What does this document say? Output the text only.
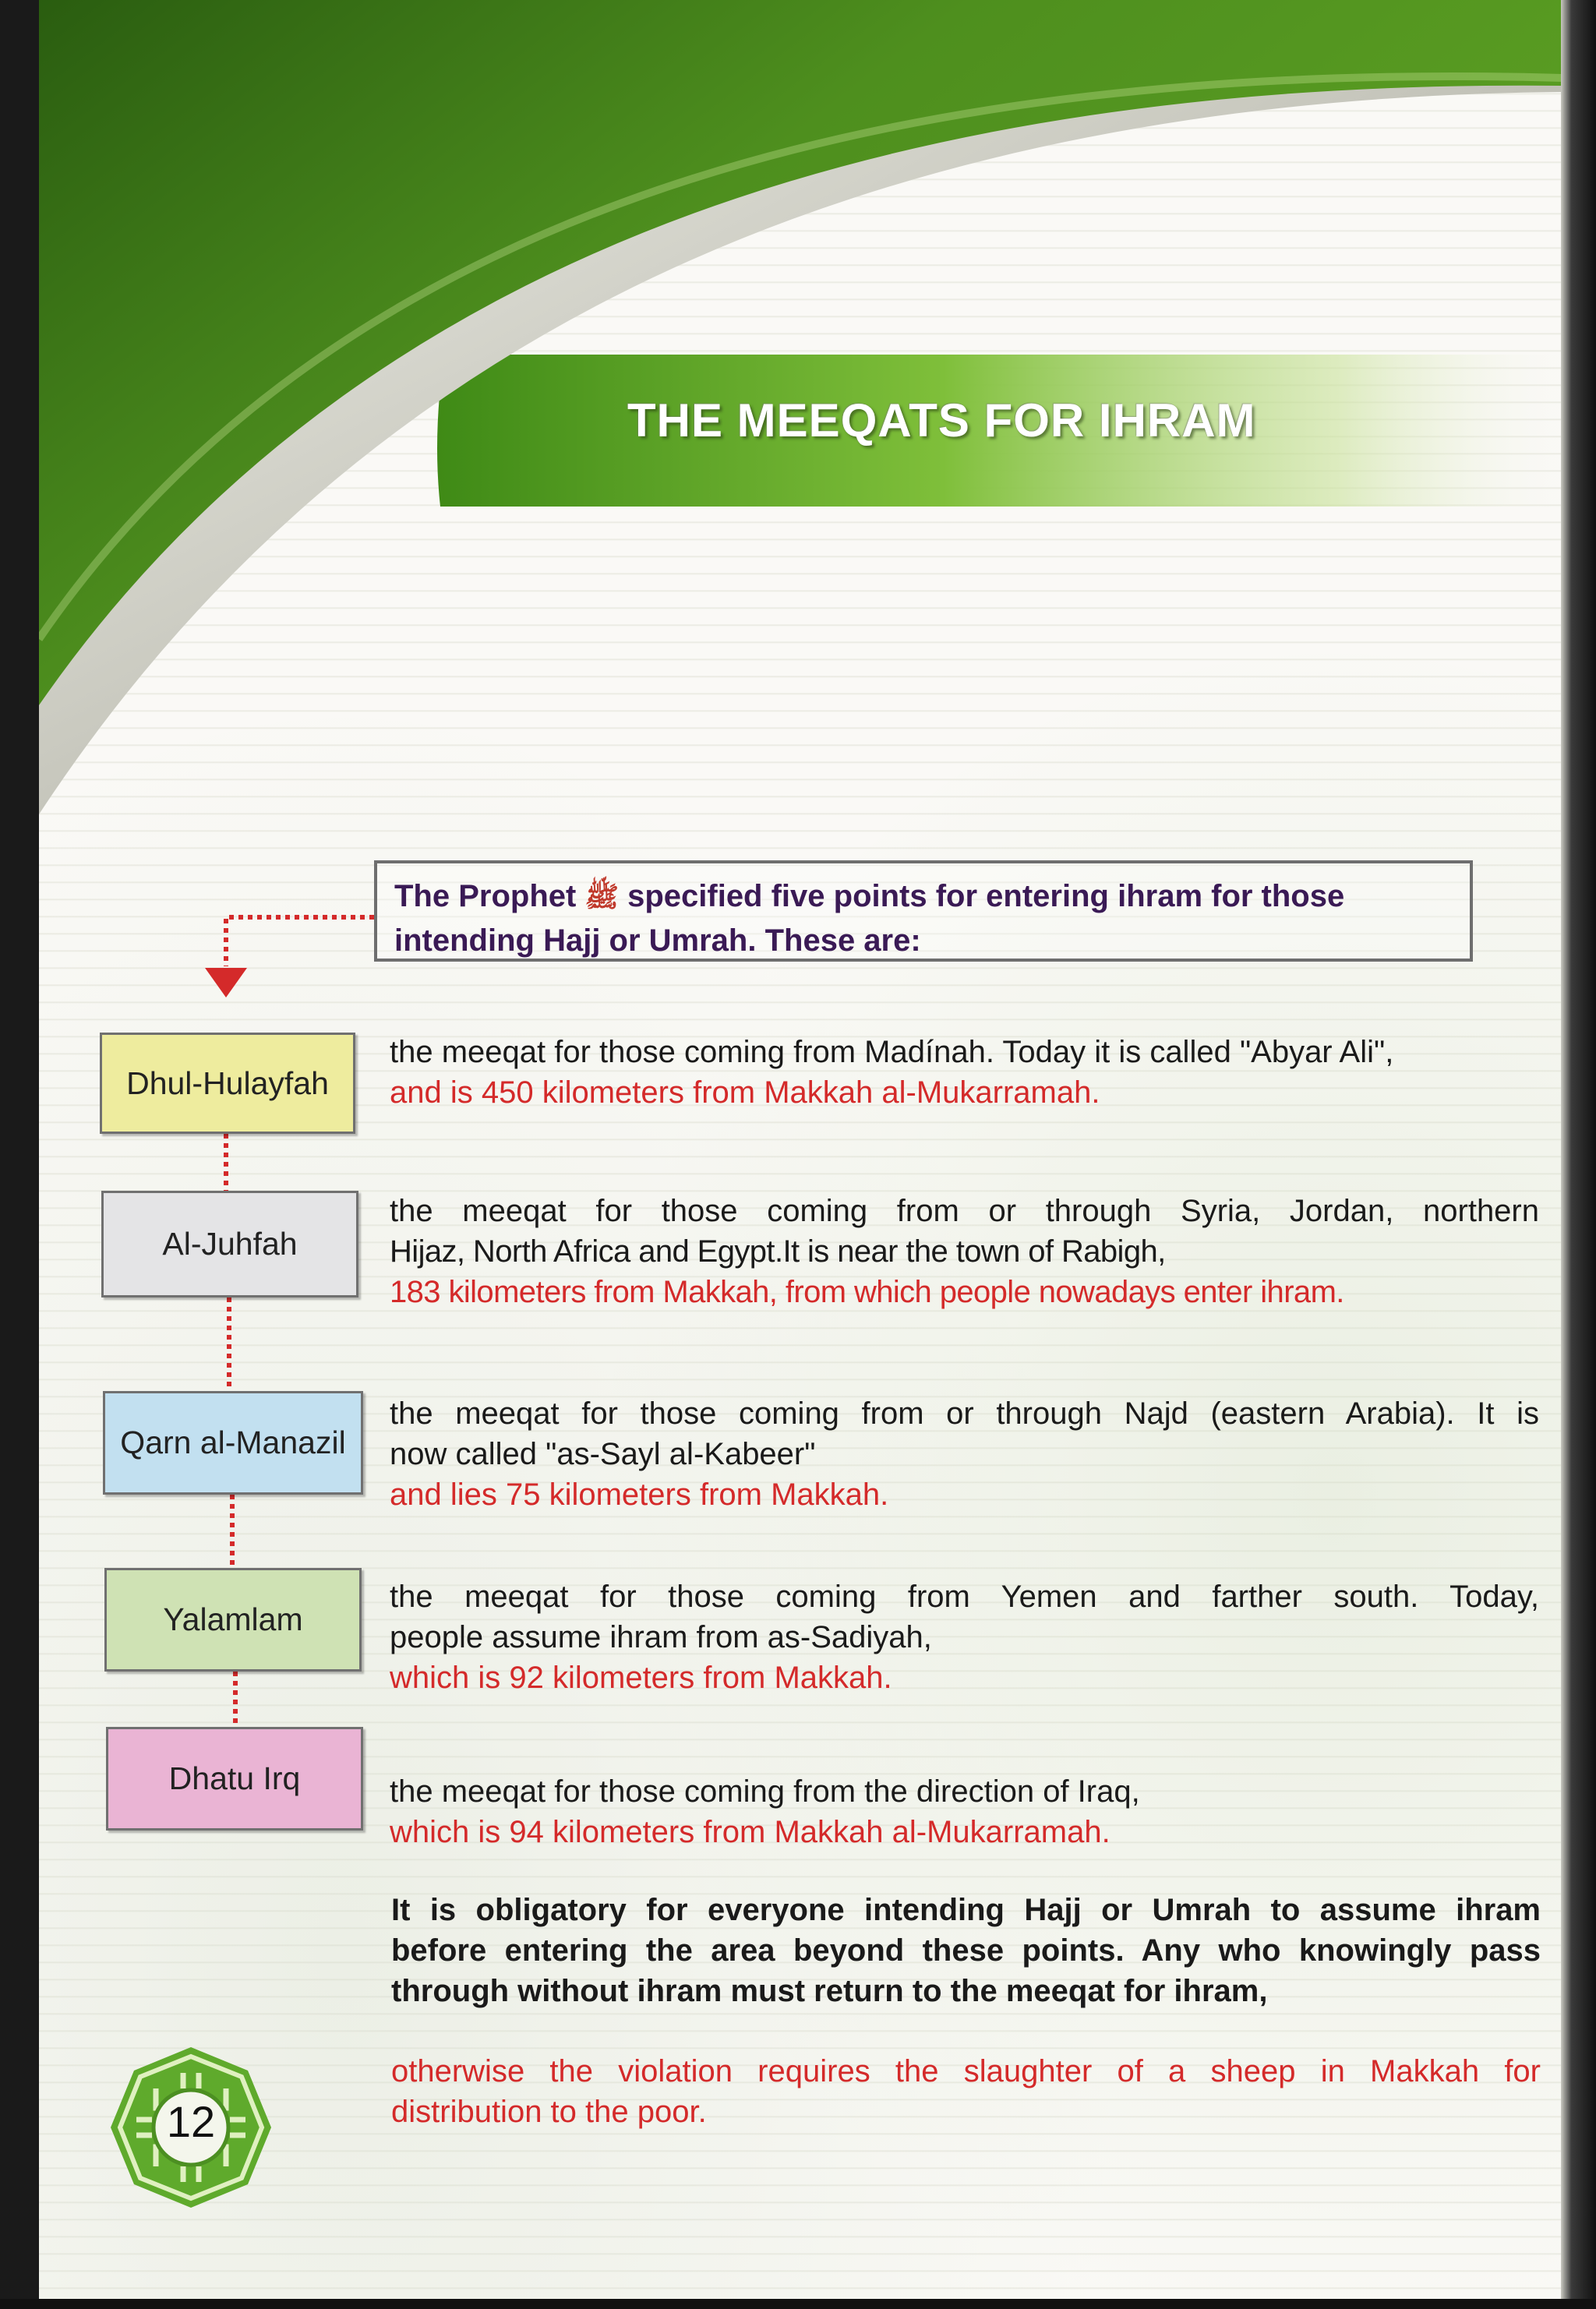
THE MEEQATS FOR IHRAM
The Prophet ﷺ specified five points for entering ihram for those
intending Hajj or Umrah. These are:
Dhul-Hulayfah
Al-Juhfah
Qarn al-Manazil
Yalamlam
Dhatu Irq
the meeqat for those coming from Madínah. Today it is called "Abyar Ali",
and is 450 kilometers from Makkah al-Mukarramah.
the meeqat for those coming from or through Syria, Jordan, northern
Hijaz, North Africa and Egypt.It is near the town of Rabigh,
183 kilometers from Makkah, from which people nowadays enter ihram.
the meeqat for those coming from or through Najd (eastern Arabia). It is
now called "as-Sayl al-Kabeer"
and lies 75 kilometers from Makkah.
the meeqat for those coming from Yemen and farther south. Today,
people assume ihram from as-Sadiyah,
which is 92 kilometers from Makkah.
the meeqat for those coming from the direction of Iraq,
which is 94 kilometers from Makkah al-Mukarramah.
It is obligatory for everyone intending Hajj or Umrah to assume ihram
before entering the area beyond these points. Any who knowingly pass
through without ihram must return to the meeqat for ihram,
otherwise the violation requires the slaughter of a sheep in Makkah for
distribution to the poor.
12
